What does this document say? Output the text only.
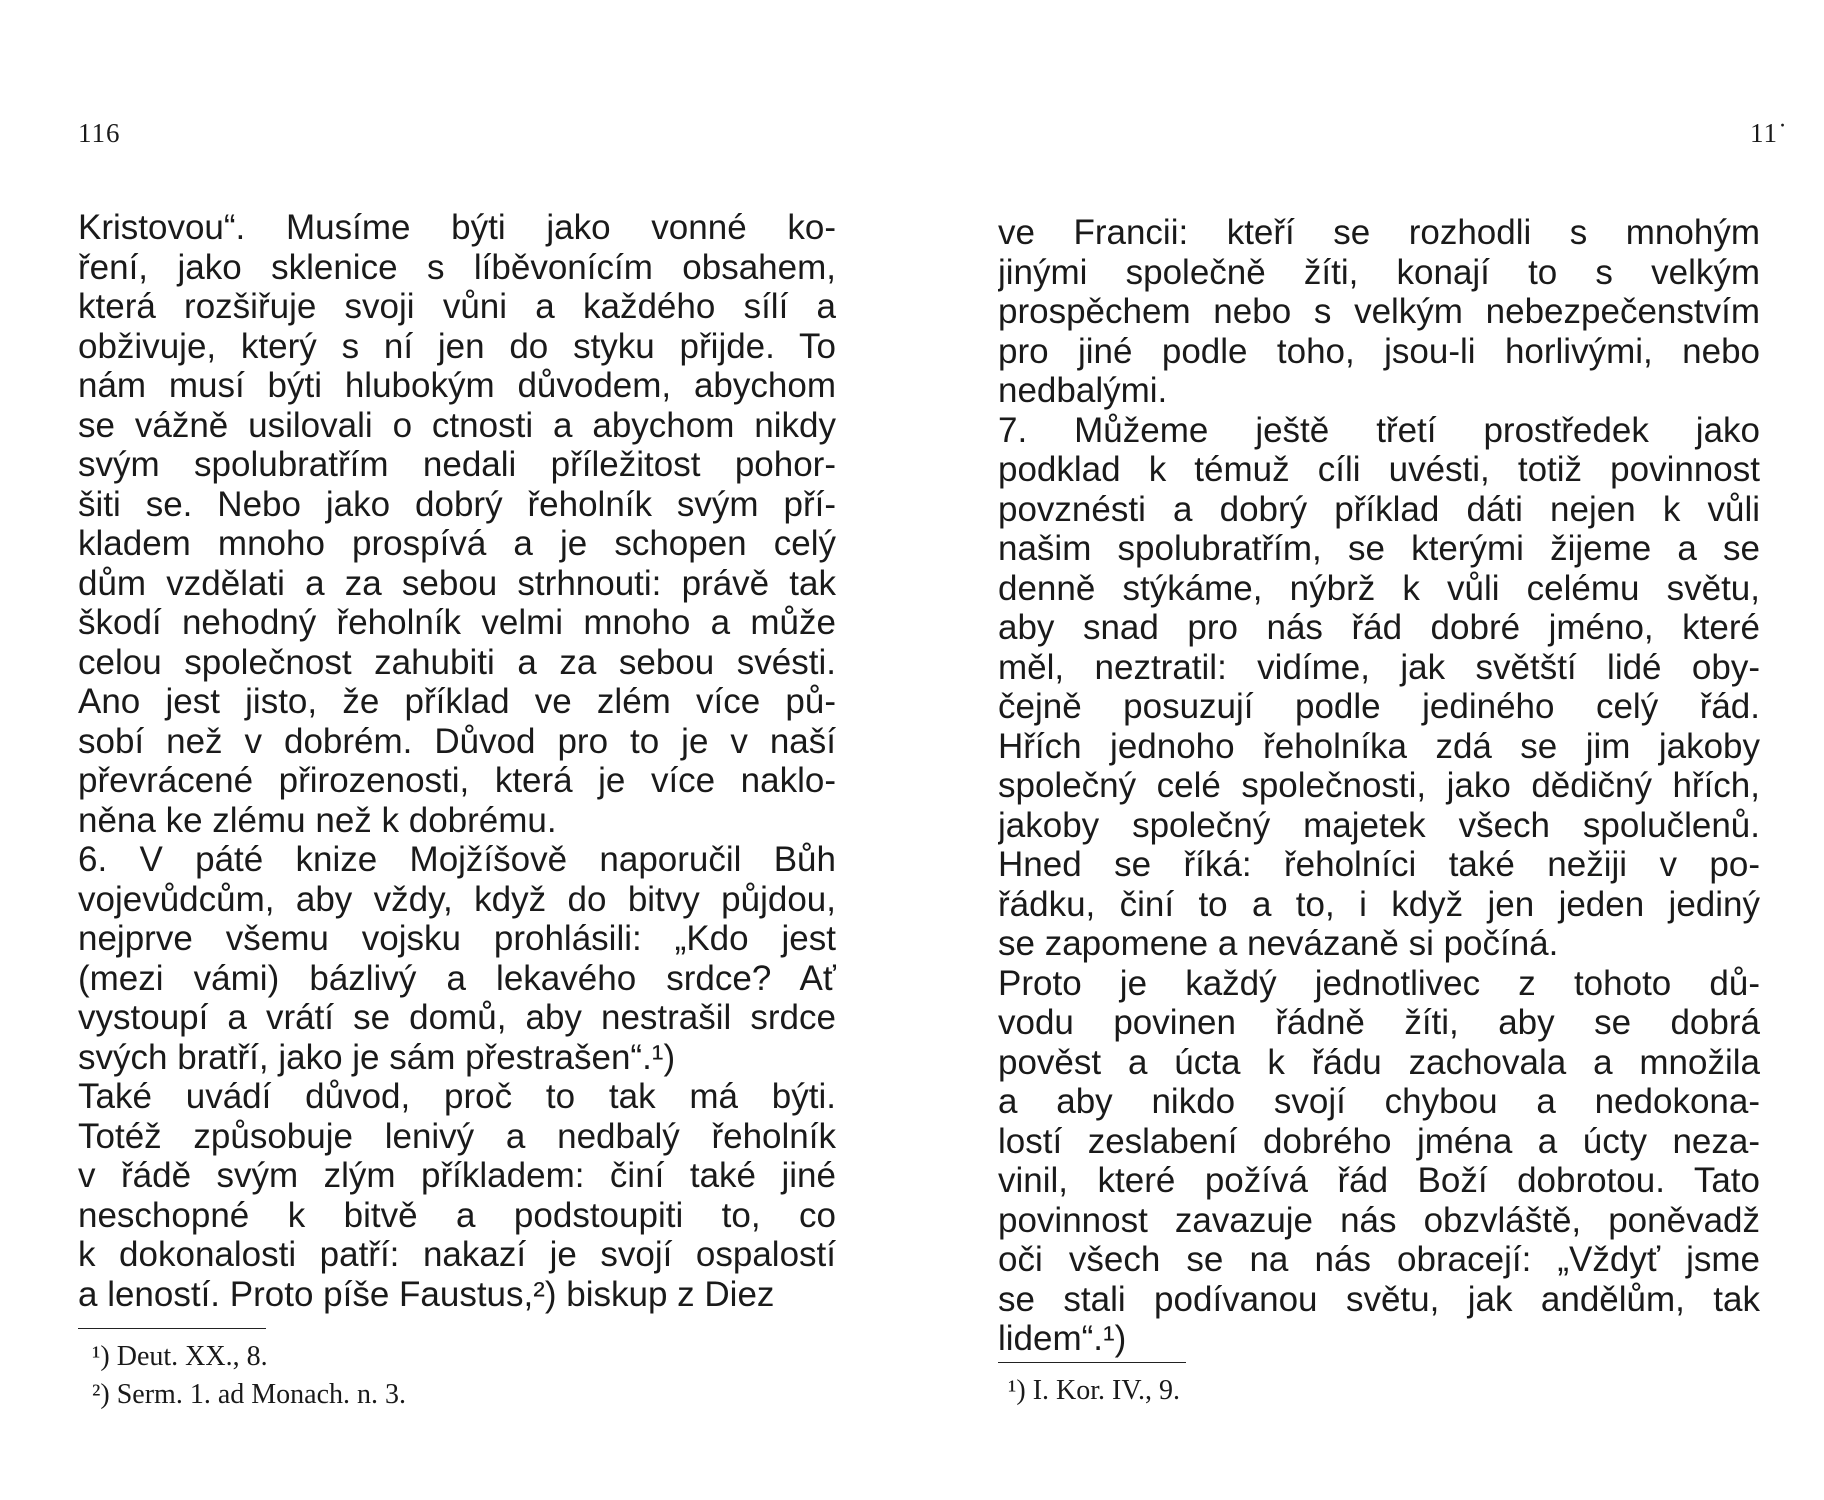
116
Kristovou“. Musíme býti jako vonné ko-
ření, jako sklenice s líběvonícím obsahem,
která rozšiřuje svoji vůni a každého sílí a
obživuje, který s ní jen do styku přijde. To
nám musí býti hlubokým důvodem, abychom
se vážně usilovali o ctnosti a abychom nikdy
svým spolubratřím nedali příležitost pohor-
šiti se. Nebo jako dobrý řeholník svým pří-
kladem mnoho prospívá a je schopen celý
dům vzdělati a za sebou strhnouti: právě tak
škodí nehodný řeholník velmi mnoho a může
celou společnost zahubiti a za sebou svésti.
Ano jest jisto, že příklad ve zlém více pů-
sobí než v dobrém. Důvod pro to je v naší
převrácené přirozenosti, která je více naklo-
něna ke zlému než k dobrému.
6. V páté knize Mojžíšově naporučil Bůh
vojevůdcům, aby vždy, když do bitvy půjdou,
nejprve všemu vojsku prohlásili: „Kdo jest
(mezi vámi) bázlivý a lekavého srdce? Ať
vystoupí a vrátí se domů, aby nestrašil srdce
svých bratří, jako je sám přestrašen“.¹)
Také uvádí důvod, proč to tak má býti.
Totéž způsobuje lenivý a nedbalý řeholník
v řádě svým zlým příkladem: činí také jiné
neschopné k bitvě a podstoupiti to, co
k dokonalosti patří: nakazí je svojí ospalostí
a leností. Proto píše Faustus,²) biskup z Diez
¹) Deut. XX., 8.
²) Serm. 1. ad Monach. n. 3.
11˙
ve Francii: kteří se rozhodli s mnohým
jinými společně žíti, konají to s velkým
prospěchem nebo s velkým nebezpečenstvím
pro jiné podle toho, jsou-li horlivými, nebo
nedbalými.
7. Můžeme ještě třetí prostředek jako
podklad k témuž cíli uvésti, totiž povinnost
povznésti a dobrý příklad dáti nejen k vůli
našim spolubratřím, se kterými žijeme a se
denně stýkáme, nýbrž k vůli celému světu,
aby snad pro nás řád dobré jméno, které
měl, neztratil: vidíme, jak světští lidé oby-
čejně posuzují podle jediného celý řád.
Hřích jednoho řeholníka zdá se jim jakoby
společný celé společnosti, jako dědičný hřích,
jakoby společný majetek všech spolučlenů.
Hned se říká: řeholníci také nežiji v po-
řádku, činí to a to, i když jen jeden jediný
se zapomene a nevázaně si počíná.
Proto je každý jednotlivec z tohoto dů-
vodu povinen řádně žíti, aby se dobrá
pověst a úcta k řádu zachovala a množila
a aby nikdo svojí chybou a nedokona-
lostí zeslabení dobrého jména a úcty neza-
vinil, které požívá řád Boží dobrotou. Tato
povinnost zavazuje nás obzvláště, poněvadž
oči všech se na nás obracejí: „Vždyť jsme
se stali podívanou světu, jak andělům, tak
lidem“.¹)
¹) I. Kor. IV., 9.
